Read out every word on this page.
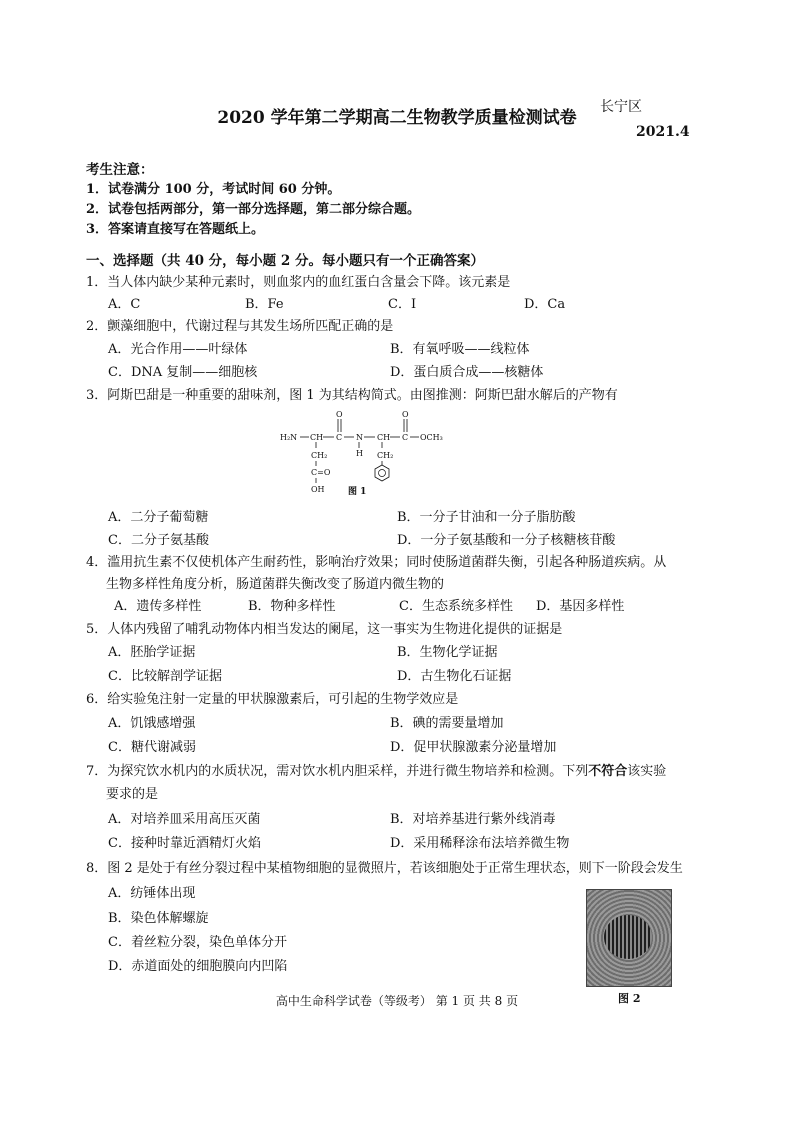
2020 学年第二学期高二生物教学质量检测试卷
长宁区
2021.4
考生注意：
1．试卷满分 100 分，考试时间 60 分钟。
2．试卷包括两部分，第一部分选择题，第二部分综合题。
3．答案请直接写在答题纸上。
一、选择题（共 40 分，每小题 2 分。每小题只有一个正确答案）
1．当人体内缺少某种元素时，则血浆内的血红蛋白含量会下降。该元素是
A．C	B．Fe	C．I	D．Ca
2．颤藻细胞中，代谢过程与其发生场所匹配正确的是
A．光合作用——叶绿体	B．有氧呼吸——线粒体
C．DNA 复制——细胞核	D．蛋白质合成——核糖体
3．阿斯巴甜是一种重要的甜味剂，图 1 为其结构简式。由图推测：阿斯巴甜水解后的产物有
H₂N CH C
O
N
H
CH C
O
OCH₃
CH₂
C=O
OH
CH₂
图 1
A．二分子葡萄糖	B．一分子甘油和一分子脂肪酸
C．二分子氨基酸	D．一分子氨基酸和一分子核糖核苷酸
4．滥用抗生素不仅使机体产生耐药性，影响治疗效果；同时使肠道菌群失衡，引起各种肠道疾病。从
生物多样性角度分析，肠道菌群失衡改变了肠道内微生物的
A．遗传多样性	B．物种多样性	C．生态系统多样性 D．基因多样性
5．人体内残留了哺乳动物体内相当发达的阑尾，这一事实为生物进化提供的证据是
A．胚胎学证据	B．生物化学证据
C．比较解剖学证据	D．古生物化石证据
6．给实验兔注射一定量的甲状腺激素后，可引起的生物学效应是
A．饥饿感增强	B．碘的需要量增加
C．糖代谢减弱	D．促甲状腺激素分泌量增加
7．为探究饮水机内的水质状况，需对饮水机内胆采样，并进行微生物培养和检测。下列不符合该实验
要求的是
A．对培养皿采用高压灭菌	B．对培养基进行紫外线消毒
C．接种时靠近酒精灯火焰	D．采用稀释涂布法培养微生物
8．图 2 是处于有丝分裂过程中某植物细胞的显微照片，若该细胞处于正常生理状态，则下一阶段会发生
A．纺锤体出现
B．染色体解螺旋
C．着丝粒分裂，染色单体分开
D．赤道面处的细胞膜向内凹陷
图 2
高中生命科学试卷（等级考） 第 1 页 共 8 页
